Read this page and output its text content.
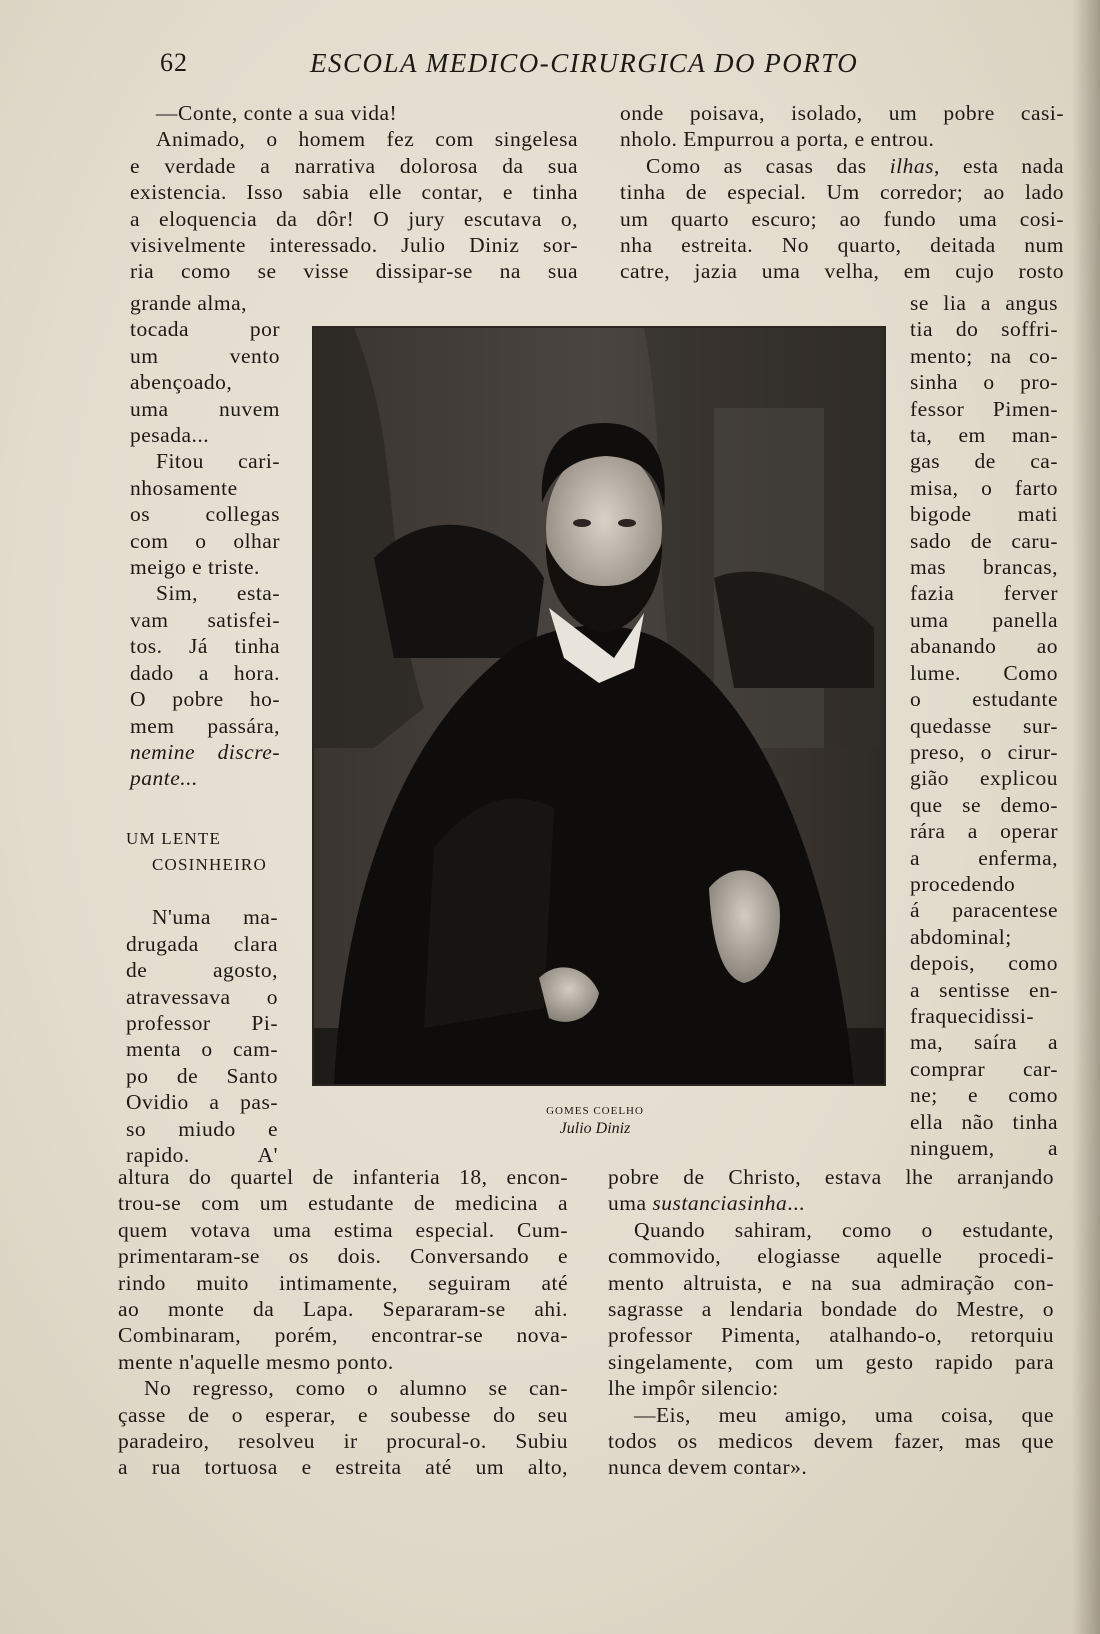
62	ESCOLA MEDICO-CIRURGICA DO PORTO
—Conte, conte a sua vida!
Animado, o homem fez com singelesa
e verdade a narrativa dolorosa da sua
existencia. Isso sabia elle contar, e tinha
a eloquencia da dôr! O jury escutava o,
visivelmente interessado. Julio Diniz sor-
ria como se visse dissipar-se na sua
grande alma,
tocada por
um vento
abençoado,
uma nuvem
pesada...
Fitou cari-
nhosamente
os collegas
com o olhar
meigo e triste.
Sim, esta-
vam satisfei-
tos. Já tinha
dado a hora.
O pobre ho-
mem passára,
nemine discre-
pante...
UM LENTE
COSINHEIRO

N'uma ma-
drugada clara
de agosto,
atravessava o
professor Pi-
menta o cam-
po de Santo
Ovidio a pas-
so miudo e
rapido. A'
altura do quartel de infanteria 18, encon-
trou-se com um estudante de medicina a
quem votava uma estima especial. Cum-
primentaram-se os dois. Conversando e
rindo muito intimamente, seguiram até
ao monte da Lapa. Separaram-se ahi.
Combinaram, porém, encontrar-se nova-
mente n'aquelle mesmo ponto.
No regresso, como o alumno se can-
çasse de o esperar, e soubesse do seu
paradeiro, resolveu ir procural-o. Subiu
a rua tortuosa e estreita até um alto,
onde poisava, isolado, um pobre casi-
nholo. Empurrou a porta, e entrou.
Como as casas das ilhas, esta nada
tinha de especial. Um corredor; ao lado
um quarto escuro; ao fundo uma cosi-
nha estreita. No quarto, deitada num
catre, jazia uma velha, em cujo rosto
se lia a angus
tia do soffri-
mento; na co-
sinha o pro-
fessor Pimen-
ta, em man-
gas de ca-
misa, o farto
bigode mati
sado de caru-
mas brancas,
fazia ferver
uma panella
abanando ao
lume. Como
o estudante
quedasse sur-
preso, o cirur-
gião explicou
que se demo-
rára a operar
a enferma,
procedendo
á paracentese
abdominal;
depois, como
a sentisse en-
fraquecidissi-
ma, saíra a
comprar car-
ne; e como
ella não tinha
ninguem, a
pobre de Christo, estava lhe arranjando
uma sustanciasinha...
Quando sahiram, como o estudante,
commovido, elogiasse aquelle procedi-
mento altruista, e na sua admiração con-
sagrasse a lendaria bondade do Mestre, o
professor Pimenta, atalhando-o, retorquiu
singelamente, com um gesto rapido para
lhe impôr silencio:
—Eis, meu amigo, uma coisa, que
todos os medicos devem fazer, mas que
nunca devem contar».
GOMES COELHO
Julio Diniz
